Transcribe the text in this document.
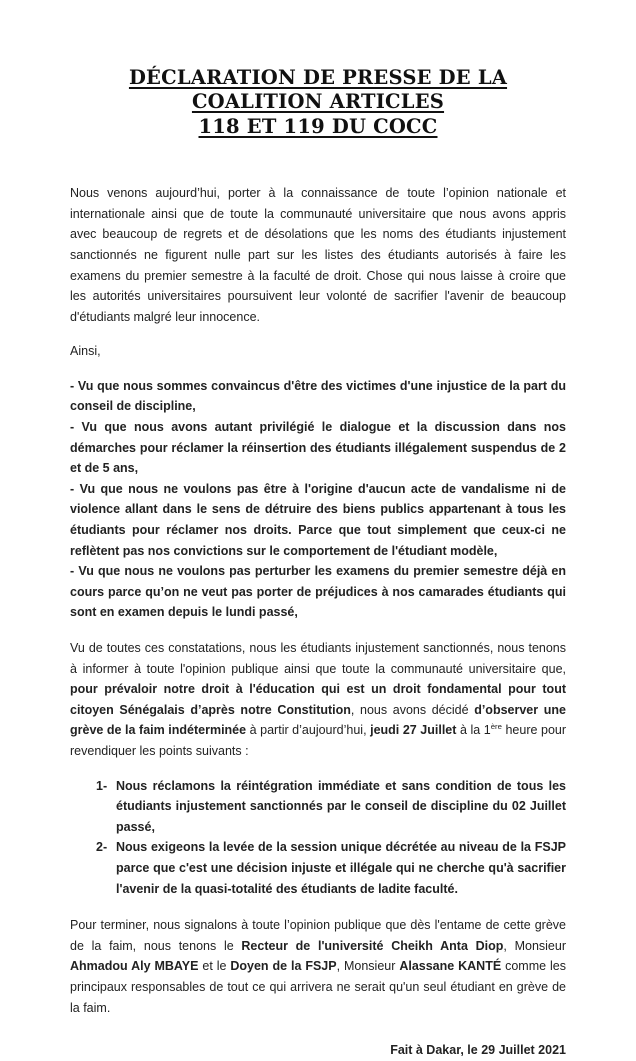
DÉCLARATION DE PRESSE DE LA COALITION ARTICLES
118 ET 119 DU COCC

Nous venons aujourd’hui, porter à la connaissance de toute l’opinion nationale et internationale ainsi que de toute la communauté universitaire que nous avons appris avec beaucoup de regrets et de désolations que les noms des étudiants injustement sanctionnés ne figurent nulle part sur les listes des étudiants autorisés à faire les examens du premier semestre à la faculté de droit. Chose qui nous laisse à croire que les autorités universitaires poursuivent leur volonté de sacrifier l'avenir de beaucoup d'étudiants malgré leur innocence.

Ainsi,

- Vu que nous sommes convaincus d'être des victimes d'une injustice de la part du conseil de discipline,

- Vu que nous avons autant privilégié le dialogue et la discussion dans nos démarches pour réclamer la réinsertion des étudiants illégalement suspendus de 2 et de 5 ans,

- Vu que nous ne voulons pas être à l'origine d'aucun acte de vandalisme ni de violence allant dans le sens de détruire des biens publics appartenant à tous les étudiants pour réclamer nos droits. Parce que tout simplement que ceux-ci ne reflètent pas nos convictions sur le comportement de l'étudiant modèle,

- Vu que nous ne voulons pas perturber les examens du premier semestre déjà en cours parce qu’on ne veut pas porter de préjudices à nos camarades étudiants qui sont en examen depuis le lundi passé,

Vu de toutes ces constatations, nous les étudiants injustement sanctionnés, nous tenons à informer à toute l'opinion publique ainsi que toute la communauté universitaire que, pour prévaloir notre droit à l'éducation qui est un droit fondamental pour tout citoyen Sénégalais d’après notre Constitution, nous avons décidé d’observer une grève de la faim indéterminée à partir d’aujourd’hui, jeudi 27 Juillet à la 1ère heure pour revendiquer les points suivants :

1- Nous réclamons la réintégration immédiate et sans condition de tous les étudiants injustement sanctionnés par le conseil de discipline du 02 Juillet passé,
2- Nous exigeons la levée de la session unique décrétée au niveau de la FSJP parce que c'est une décision injuste et illégale qui ne cherche qu'à sacrifier l'avenir de la quasi-totalité des étudiants de ladite faculté.

Pour terminer, nous signalons à toute l’opinion publique que dès l'entame de cette grève de la faim, nous tenons le Recteur de l'université Cheikh Anta Diop, Monsieur Ahmadou Aly MBAYE et le Doyen de la FSJP, Monsieur Alassane KANTÉ comme les principaux responsables de tout ce qui arrivera ne serait qu'un seul étudiant en grève de la faim.

Fait à Dakar, le 29 Juillet 2021
